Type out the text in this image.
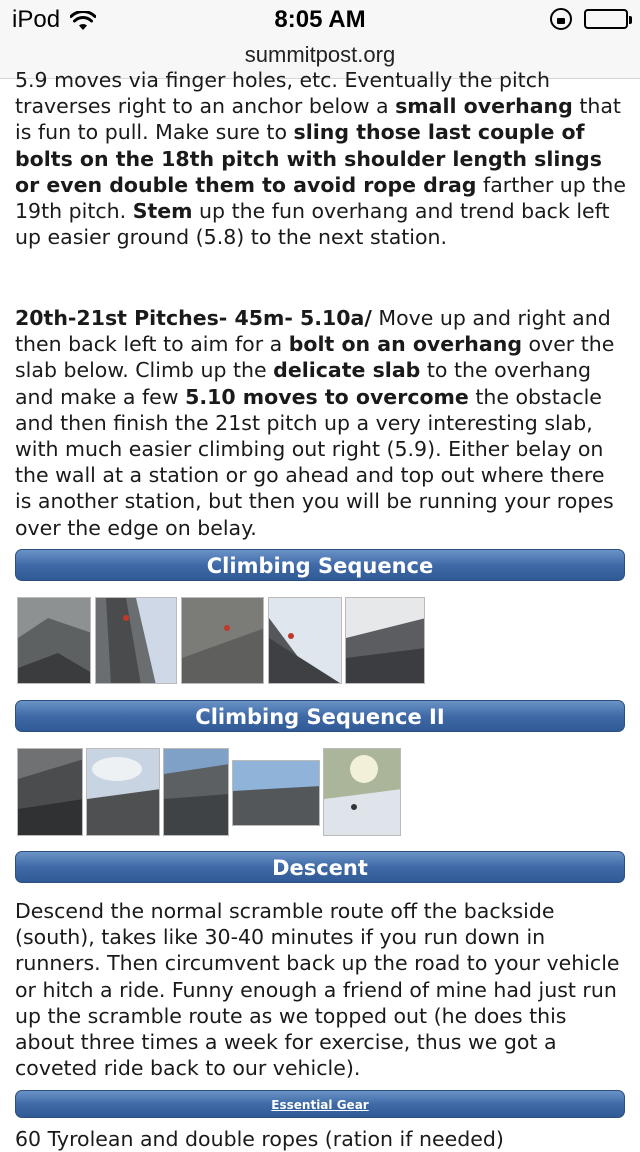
iPod	8:05 AM
summitpost.org

5.9 moves via finger holes, etc. Eventually the pitch traverses right to an anchor below a small overhang that is fun to pull. Make sure to sling those last couple of bolts on the 18th pitch with shoulder length slings or even double them to avoid rope drag farther up the 19th pitch. Stem up the fun overhang and trend back left up easier ground (5.8) to the next station.

20th-21st Pitches- 45m- 5.10a/ Move up and right and then back left to aim for a bolt on an overhang over the slab below. Climb up the delicate slab to the overhang and make a few 5.10 moves to overcome the obstacle and then finish the 21st pitch up a very interesting slab, with much easier climbing out right (5.9). Either belay on the wall at a station or go ahead and top out where there is another station, but then you will be running your ropes over the edge on belay.

Climbing Sequence
Climbing Sequence II
Descent

Descend the normal scramble route off the backside (south), takes like 30-40 minutes if you run down in runners. Then circumvent back up the road to your vehicle or hitch a ride. Funny enough a friend of mine had just run up the scramble route as we topped out (he does this about three times a week for exercise, thus we got a coveted ride back to our vehicle).

Essential Gear

60 Tyrolean and double ropes (ration if needed)
